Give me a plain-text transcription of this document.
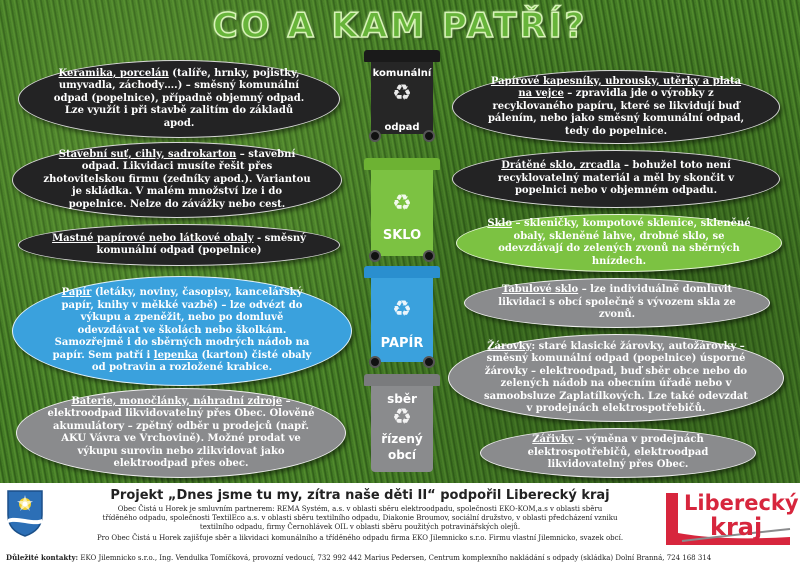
CO A KAM PATŘÍ?
Keramika, porcelán (talíře, hrnky, pojistky, umyvadla, záchody….) – směsný komunální odpad (popelnice), případně objemný odpad. Lze využít i při stavbě zalitím do základů apod.
Stavební suť, cihly, sadrokarton – stavební odpad. Likvidaci musíte řešit přes zhotovitelskou firmu (zedníky apod.). Variantou je skládka. V malém množství lze i do popelnice. Nelze do závážky nebo cest.
Mastné papírové nebo látkové obaly - směsný komunální odpad (popelnice)
Papír (letáky, noviny, časopisy, kancelářský papír, knihy v měkké vazbě) – lze odvézt do výkupu a zpeněžit, nebo po domluvě odevzdávat ve školách nebo školkám. Samozřejmě i do sběrných modrých nádob na papír. Sem patří i lepenka (karton) čisté obaly od potravin a rozložené krabice.
Baterie, monočlánky, náhradní zdroje – elektroodpad likvidovatelný přes Obec. Olověné akumulátory – zpětný odběr u prodejců (např. AKU Vávra ve Vrchovině). Možné prodat ve výkupu surovin nebo zlikvidovat jako elektroodpad přes obec.
Papírové kapesníky, ubrousky, utěrky a plata na vejce – zpravidla jde o výrobky z recyklovaného papíru, které se likvidují buď pálením, nebo jako směsný komunální odpad, tedy do popelnice.
Drátěné sklo, zrcadla – bohužel toto není recyklovatelný materiál a měl by skončit v popelnici nebo v objemném odpadu.
Sklo – skleničky, kompotové sklenice, skleněné obaly, skleněné lahve, drobné sklo, se odevzdávají do zelených zvonů na sběrných hnízdech.
Tabulové sklo – lze individuálně domluvit likvidaci s obcí společně s vývozem skla ze zvonů.
Žárovky: staré klasické žárovky, autožárovky – směsný komunální odpad (popelnice) úsporné žárovky – elektroodpad, buď sběr obce nebo do zelených nádob na obecním úřadě nebo v samoobsluze Zaplatílkových. Lze také odevzdat v prodejnách elektrospotřebičů.
Zářivky – výměna v prodejnách elektrospotřebičů, elektroodpad likvidovatelný přes Obec.
komunální
♻
odpad
♻
SKLO
♻
PAPÍR
sběr
♻
řízený
obcí
Projekt „Dnes jsme tu my, zítra naše děti II“ podpořil Liberecký kraj
Obec Čistá u Horek je smluvním partnerem: REMA Systém, a.s. v oblasti sběru elektroodpadu, společnosti EKO-KOM,a.s v oblasti sběru
tříděného odpadu, společnosti TextilEco a.s. v oblasti sběru textilního odpadu, Diakonie Broumov, sociální družstvo, v oblasti předcházení vzniku
textilního odpadu, firmy Černohlávek OIL v oblasti sběru použitých potravinářských olejů.
Pro Obec Čistá u Horek zajišťuje sběr a likvidaci komunálního a tříděného odpadu firma EKO Jilemnicko s.r.o. Firmu vlastní Jilemnicko, svazek obcí.
Důležité kontakty: EKO Jilemnicko s.r.o., Ing. Vendulka Tomíčková, provozní vedoucí, 732 992 442 Marius Pedersen, Centrum komplexního nakládání s odpady (skládka) Dolní Branná, 724 168 314
Liberecký
kraj
